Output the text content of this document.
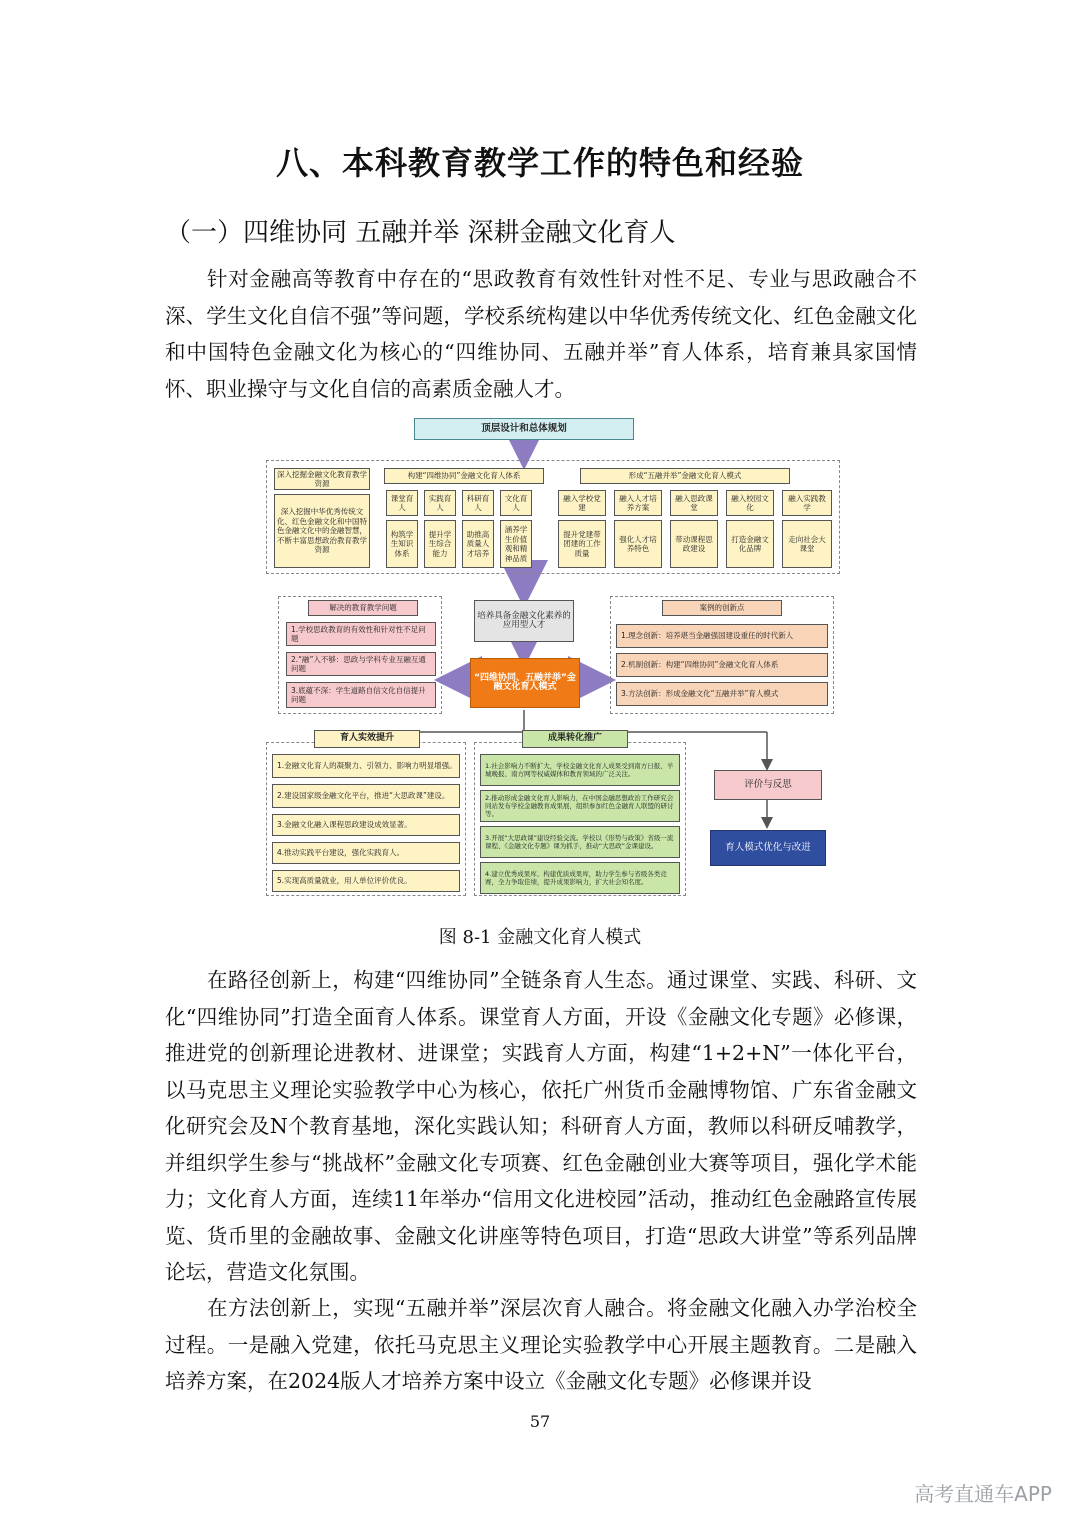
八、本科教育教学工作的特色和经验
（一）四维协同 五融并举 深耕金融文化育人

针对金融高等教育中存在的“思政教育有效性针对性不足、专业与思政融合不深、学生文化自信不强”等问题，学校系统构建以中华优秀传统文化、红色金融文化和中国特色金融文化为核心的“四维协同、五融并举”育人体系，培育兼具家国情怀、职业操守与文化自信的高素质金融人才。

顶层设计和总体规划
深入挖掘金融文化教育教学资源
深入挖掘中华优秀传统文化、红色金融文化和中国特色金融文化中的金融智慧，不断丰富思想政治教育教学资源
构建“四维协同”金融文化育人体系
课堂育人
实践育人
科研育人
文化育人
构筑学生知识体系
提升学生综合能力
助推高质量人才培养
涵养学生价值观和精神品质
形成“五融并举”金融文化育人模式
融入学校党建
融入人才培养方案
融入思政课堂
融入校园文化
融入实践教学
提升党建带团建的工作质量
强化人才培养特色
带动课程思政建设
打造金融文化品牌
走向社会大课堂
培养具备金融文化素养的应用型人才
“四维协同、五融并举”金融文化育人模式
解决的教育教学问题
1.学校思政教育的有效性和针对性不足问题
2.“融”入不够：思政与学科专业互融互通问题
3.底蕴不深：学生道路自信文化自信提升问题
案例的创新点
1.理念创新：培养堪当金融强国建设重任的时代新人
2.机制创新：构建“四维协同”金融文化育人体系
3.方法创新：形成金融文化“五融并举”育人模式
育人实效提升
1.金融文化育人的凝聚力、引领力、影响力明显增强。
2.建设国家级金融文化平台，推进“大思政课”建设。
3.金融文化融入课程思政建设成效显著。
4.推动实践平台建设，强化实践育人。
5.实现高质量就业，用人单位评价优良。
成果转化推广
1.社会影响力不断扩大，学校金融文化育人成果受到南方日报、羊城晚报、南方网等权威媒体和教育领域的广泛关注。
2.推动形成金融文化育人影响力，在中国金融思想政治工作研究会同站发布学校金融教育成果展，组织参加红色金融育人联盟的研讨等。
3.开展“大思政课”建设经验交流。学校以《形势与政策》省级一流课程、《金融文化专题》课为抓手，推动“大思政”金课建设。
4.建立优秀成果库、构建优质成果库，助力学生参与省级各类竞赛，全力争取佳绩，提升成果影响力，扩大社会知名度。
评价与反思
育人模式优化与改进
图 8-1 金融文化育人模式

在路径创新上，构建“四维协同”全链条育人生态。通过课堂、实践、科研、文化“四维协同”打造全面育人体系。课堂育人方面，开设《金融文化专题》必修课，推进党的创新理论进教材、进课堂；实践育人方面，构建“1+2+N”一体化平台，以马克思主义理论实验教学中心为核心，依托广州货币金融博物馆、广东省金融文化研究会及N个教育基地，深化实践认知；科研育人方面，教师以科研反哺教学，并组织学生参与“挑战杯”金融文化专项赛、红色金融创业大赛等项目，强化学术能力；文化育人方面，连续11年举办“信用文化进校园”活动，推动红色金融路宣传展览、货币里的金融故事、金融文化讲座等特色项目，打造“思政大讲堂”等系列品牌论坛，营造文化氛围。

在方法创新上，实现“五融并举”深层次育人融合。将金融文化融入办学治校全过程。一是融入党建，依托马克思主义理论实验教学中心开展主题教育。二是融入培养方案，在2024版人才培养方案中设立《金融文化专题》必修课并设

57
高考直通车APP
